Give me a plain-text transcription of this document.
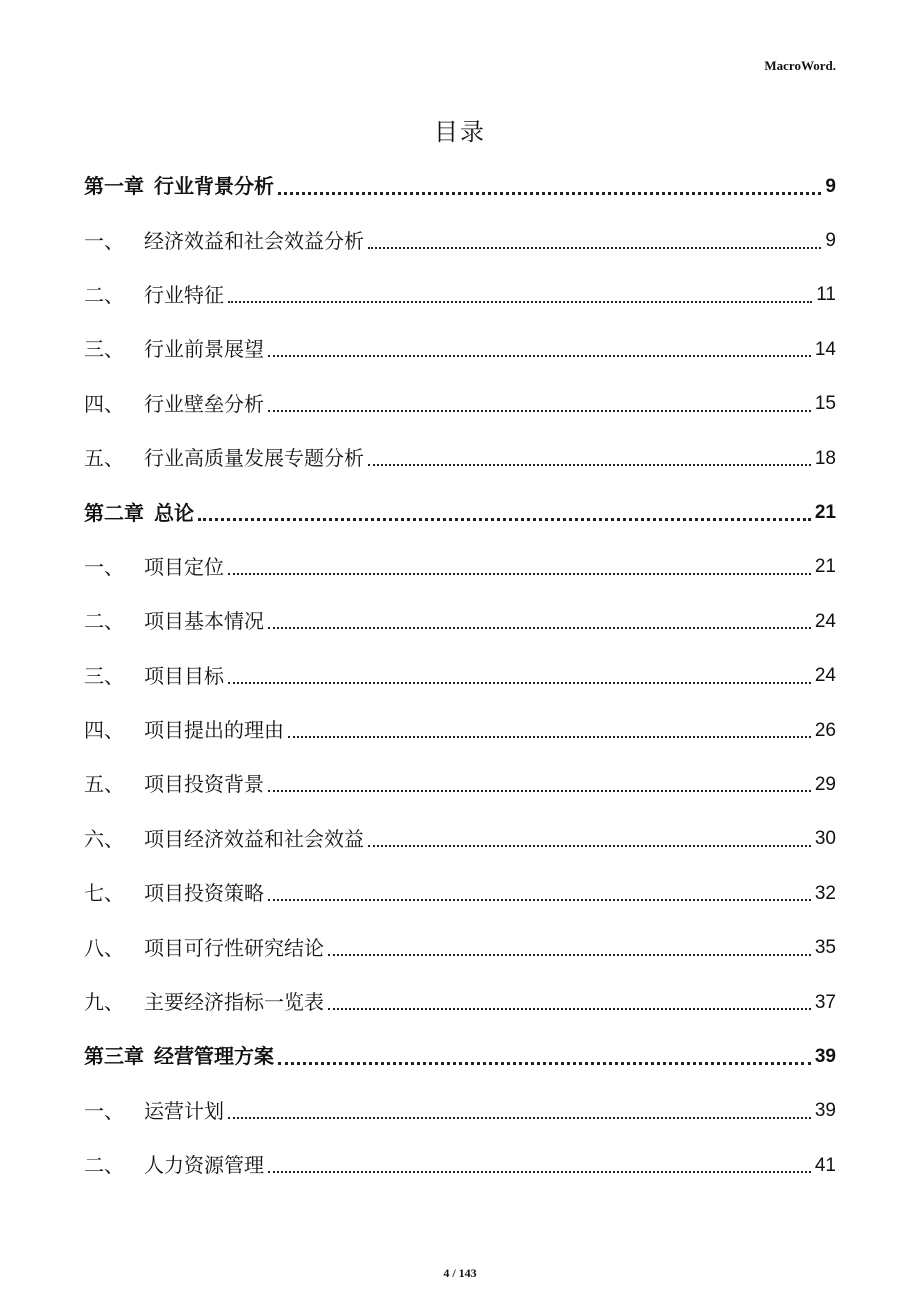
MacroWord.
目录
第一章 行业背景分析	9
一、	经济效益和社会效益分析	9
二、	行业特征	11
三、	行业前景展望	14
四、	行业壁垒分析	15
五、	行业高质量发展专题分析	18
第二章 总论	21
一、	项目定位	21
二、	项目基本情况	24
三、	项目目标	24
四、	项目提出的理由	26
五、	项目投资背景	29
六、	项目经济效益和社会效益	30
七、	项目投资策略	32
八、	项目可行性研究结论	35
九、	主要经济指标一览表	37
第三章 经营管理方案	39
一、	运营计划	39
二、	人力资源管理	41
4 / 143
